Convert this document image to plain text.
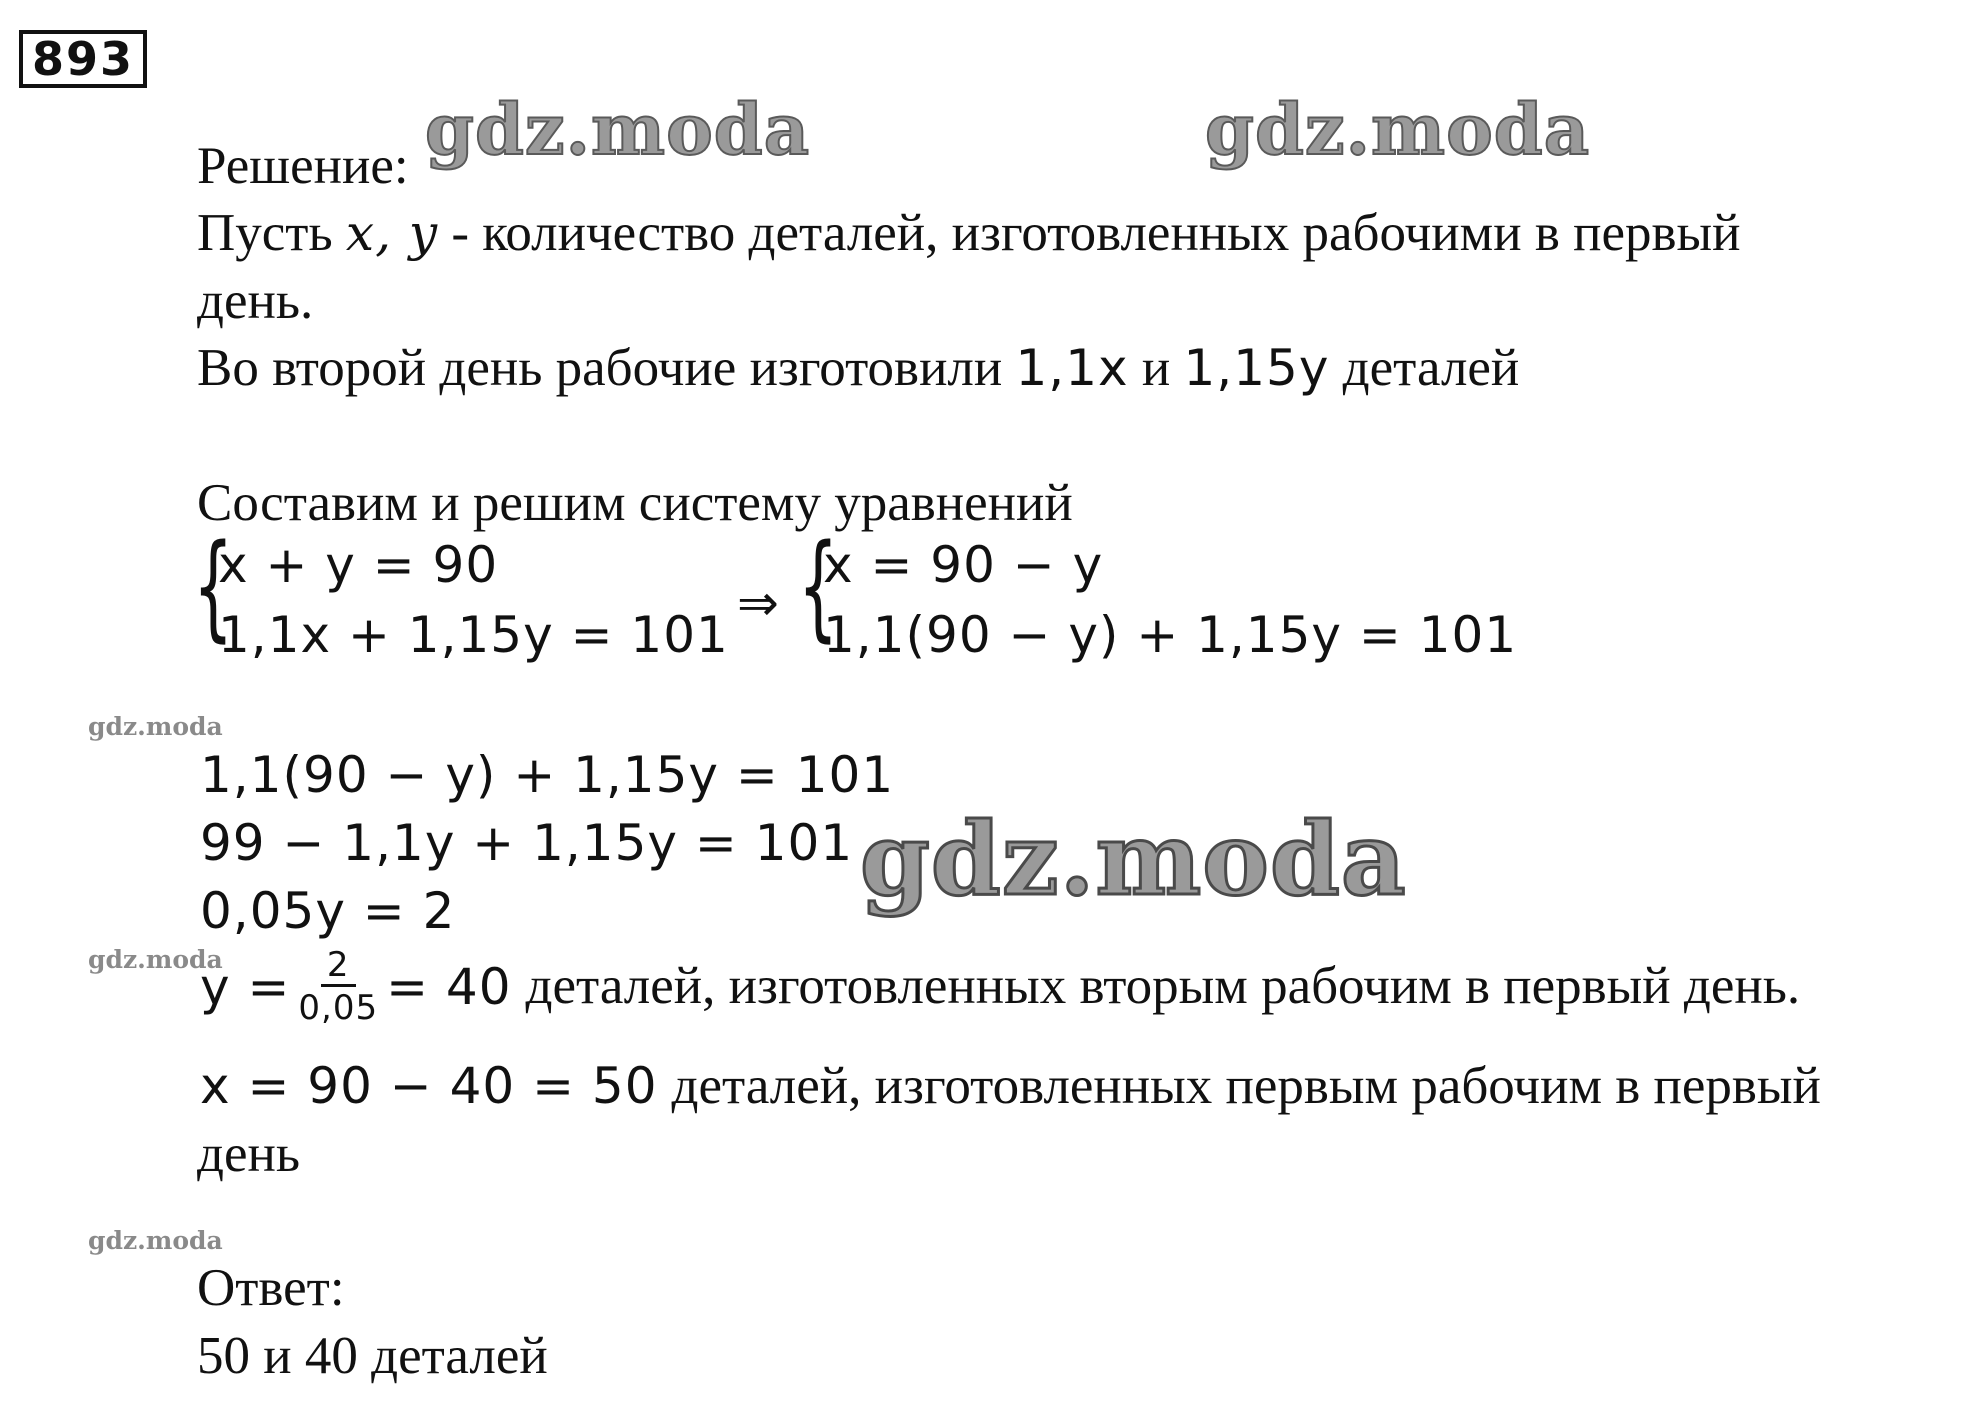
893
gdz.moda	gdz.moda
gdz.moda
gdz.moda
gdz.moda
gdz.moda
Решение:
Пусть x, y - количество деталей, изготовленных рабочими в первый
день.
Во второй день рабочие изготовили 1,1x и 1,15y деталей
Составим и решим систему уравнений
{
x + y = 90
1,1x + 1,15y = 101
⇒ {
x = 90 − y
1,1(90 − y) + 1,15y = 101
1,1(90 − y) + 1,15y = 101
99 − 1,1y + 1,15y = 101
0,05y = 2
$y = \frac{2}{0,05} = 40$ деталей, изготовленных вторым рабочим в первый день.
x = 90 − 40 = 50 деталей, изготовленных первым рабочим в первый
день
Ответ:
50 и 40 деталей
